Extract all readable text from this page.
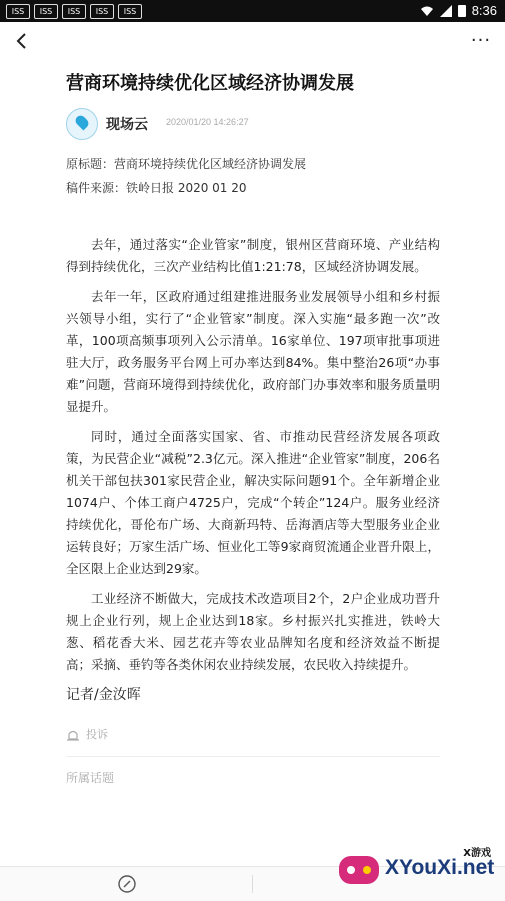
ISS	ISS	ISS	ISS	ISS	8:36
···
营商环境持续优化区域经济协调发展
现场云 2020/01/20 14:26:27
原标题：营商环境持续优化区域经济协调发展
稿件来源：铁岭日报 2020 01 20

去年，通过落实“企业管家”制度，银州区营商环境、产业结构得到持续优化，三次产业结构比值1:21:78，区域经济协调发展。

去年一年，区政府通过组建推进服务业发展领导小组和乡村振兴领导小组，实行了“企业管家”制度。深入实施“最多跑一次”改革，100项高频事项列入公示清单。16家单位、197项审批事项进驻大厅，政务服务平台网上可办率达到84%。集中整治26项“办事难”问题，营商环境得到持续优化，政府部门办事效率和服务质量明显提升。

同时，通过全面落实国家、省、市推动民营经济发展各项政策，为民营企业“减税”2.3亿元。深入推进“企业管家”制度，206名机关干部包扶301家民营企业，解决实际问题91个。全年新增企业1074户、个体工商户4725户，完成“个转企”124户。服务业经济持续优化，哥伦布广场、大商新玛特、岳海酒店等大型服务业企业运转良好；万家生活广场、恒业化工等9家商贸流通企业晋升限上，全区限上企业达到29家。

工业经济不断做大，完成技术改造项目2个，2户企业成功晋升规上企业行列，规上企业达到18家。乡村振兴扎实推进，铁岭大葱、稻花香大米、园艺花卉等农业品牌知名度和经济效益不断提高；采摘、垂钓等各类休闲农业持续发展，农民收入持续提升。

记者/金汝晖
投诉
所属话题
X游戏
XYouXi.net
